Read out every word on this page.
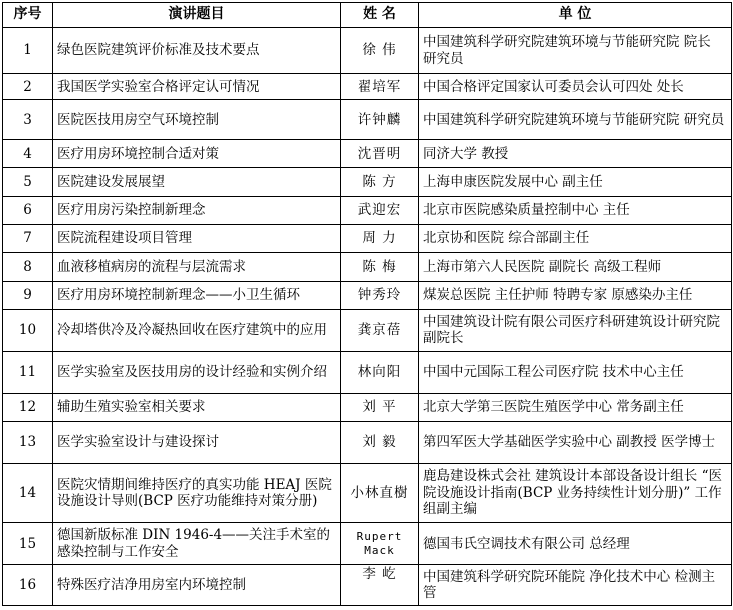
序号	演讲题目	姓 名	单 位
1	绿色医院建筑评价标准及技术要点	徐 伟	中国建筑科学研究院建筑环境与节能研究院 院长 研究员
2	我国医学实验室合格评定认可情况	翟培军	中国合格评定国家认可委员会认可四处 处长
3	医院医技用房空气环境控制	许钟麟	中国建筑科学研究院建筑环境与节能研究院 研究员
4	医疗用房环境控制合适对策	沈晋明	同济大学 教授
5	医院建设发展展望	陈 方	上海申康医院发展中心 副主任
6	医疗用房污染控制新理念	武迎宏	北京市医院感染质量控制中心 主任
7	医院流程建设项目管理	周 力	北京协和医院 综合部副主任
8	血液移植病房的流程与层流需求	陈 梅	上海市第六人民医院 副院长 高级工程师
9	医疗用房环境控制新理念——小卫生循环	钟秀玲	煤炭总医院 主任护师 特聘专家 原感染办主任
10	冷却塔供冷及冷凝热回收在医疗建筑中的应用	龚京蓓	中国建筑设计院有限公司医疗科研建筑设计研究院 副院长
11	医学实验室及医技用房的设计经验和实例介绍	林向阳	中国中元国际工程公司医疗院 技术中心主任
12	辅助生殖实验室相关要求	刘 平	北京大学第三医院生殖医学中心 常务副主任
13	医学实验室设计与建设探讨	刘 毅	第四军医大学基础医学实验中心 副教授 医学博士
14	医院灾情期间维持医疗的真实功能 HEAJ 医院设施设计导则(BCP 医疗功能维持对策分册)	小林直樹	鹿島建设株式会社 建筑设计本部设备设计组长 “医院设施设计指南(BCP 业务持续性计划分册)” 工作组副主编
15	德国新版标准 DIN 1946-4——关注手术室的感染控制与工作安全	Rupert Mack	德国韦氏空调技术有限公司 总经理
16	特殊医疗洁净用房室内环境控制	李 屹	中国建筑科学研究院环能院 净化技术中心 检测主管
